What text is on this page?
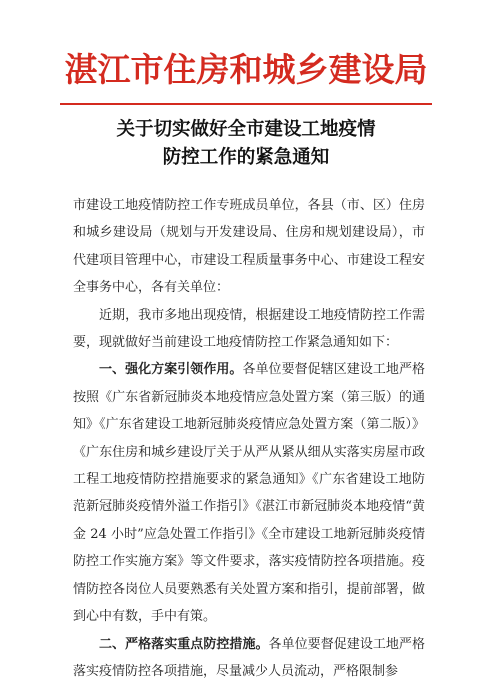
湛江市住房和城乡建设局
关于切实做好全市建设工地疫情
防控工作的紧急通知

市建设工地疫情防控工作专班成员单位，各县（市、区）住房和城乡建设局（规划与开发建设局、住房和规划建设局），市代建项目管理中心，市建设工程质量事务中心、市建设工程安全事务中心，各有关单位：

近期，我市多地出现疫情，根据建设工地疫情防控工作需要，现就做好当前建设工地疫情防控工作紧急通知如下：

一、强化方案引领作用。各单位要督促辖区建设工地严格按照《广东省新冠肺炎本地疫情应急处置方案（第三版）的通知》《广东省建设工地新冠肺炎疫情应急处置方案（第二版）》《广东住房和城乡建设厅关于从严从紧从细从实落实房屋市政工程工地疫情防控措施要求的紧急通知》《广东省建设工地防范新冠肺炎疫情外溢工作指引》《湛江市新冠肺炎本地疫情“黄金 24 小时”应急处置工作指引》《全市建设工地新冠肺炎疫情防控工作实施方案》等文件要求，落实疫情防控各项措施。疫情防控各岗位人员要熟悉有关处置方案和指引，提前部署，做到心中有数，手中有策。

二、严格落实重点防控措施。各单位要督促建设工地严格落实疫情防控各项措施，尽量减少人员流动，严格限制参
